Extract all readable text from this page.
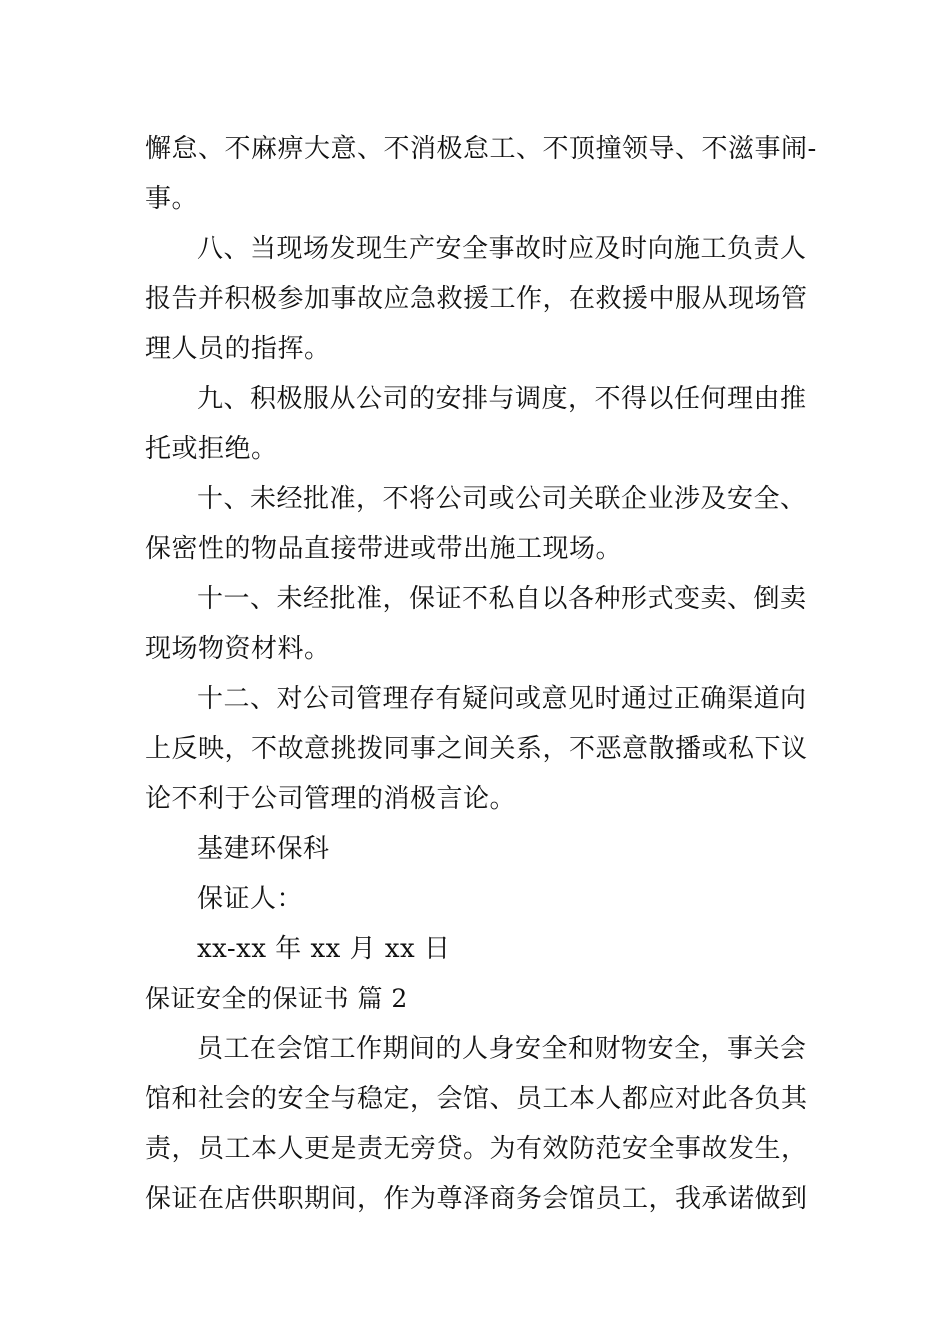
懈怠、不麻痹大意、不消极怠工、不顶撞领导、不滋事闹-
事。
八、当现场发现生产安全事故时应及时向施工负责人
报告并积极参加事故应急救援工作，在救援中服从现场管
理人员的指挥。
九、积极服从公司的安排与调度，不得以任何理由推
托或拒绝。
十、未经批准，不将公司或公司关联企业涉及安全、
保密性的物品直接带进或带出施工现场。
十一、未经批准，保证不私自以各种形式变卖、倒卖
现场物资材料。
十二、对公司管理存有疑问或意见时通过正确渠道向
上反映，不故意挑拨同事之间关系，不恶意散播或私下议
论不利于公司管理的消极言论。
基建环保科
保证人：
xx-xx 年 xx 月 xx 日
保证安全的保证书 篇 2
员工在会馆工作期间的人身安全和财物安全，事关会
馆和社会的安全与稳定，会馆、员工本人都应对此各负其
责，员工本人更是责无旁贷。为有效防范安全事故发生，
保证在店供职期间，作为尊泽商务会馆员工，我承诺做到
